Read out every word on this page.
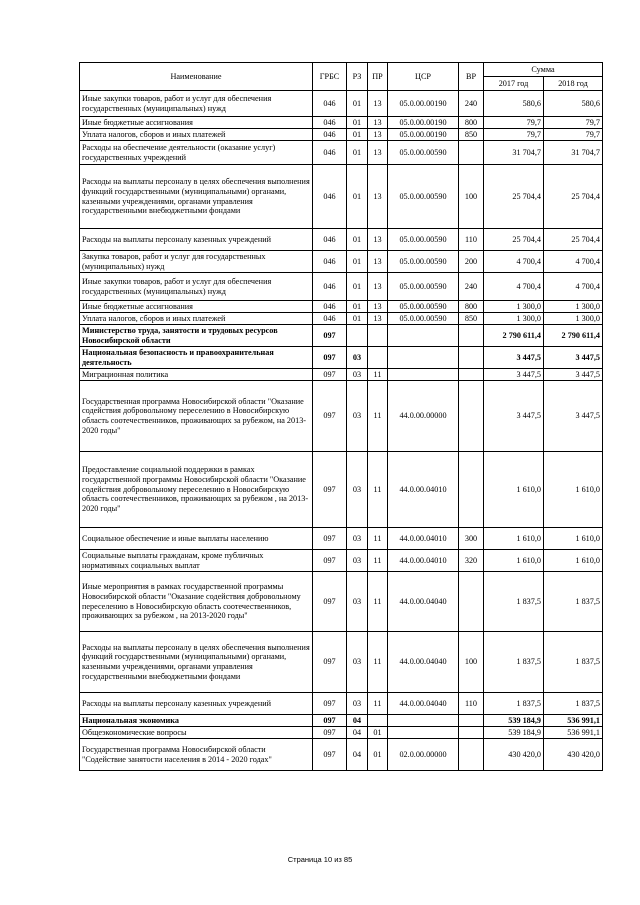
Наименование	ГРБС	РЗ	ПР	ЦСР	ВР	Сумма	
						2017 год	2018 год
Иные закупки товаров, работ и услуг для обеспечения государственных (муниципальных) нужд	046	01	13	05.0.00.00190	240	580,6	580,6
Иные бюджетные ассигнования	046	01	13	05.0.00.00190	800	79,7	79,7
Уплата налогов, сборов и иных платежей	046	01	13	05.0.00.00190	850	79,7	79,7
Расходы на обеспечение деятельности (оказание услуг) государственных учреждений	046	01	13	05.0.00.00590		31 704,7	31 704,7
Расходы на выплаты персоналу в целях обеспечения выполнения функций государственными (муниципальными) органами, казенными учреждениями, органами управления государственными внебюджетными фондами	046	01	13	05.0.00.00590	100	25 704,4	25 704,4
Расходы на выплаты персоналу казенных учреждений	046	01	13	05.0.00.00590	110	25 704,4	25 704,4
Закупка товаров, работ и услуг для государственных (муниципальных) нужд	046	01	13	05.0.00.00590	200	4 700,4	4 700,4
Иные закупки товаров, работ и услуг для обеспечения государственных (муниципальных) нужд	046	01	13	05.0.00.00590	240	4 700,4	4 700,4
Иные бюджетные ассигнования	046	01	13	05.0.00.00590	800	1 300,0	1 300,0
Уплата налогов, сборов и иных платежей	046	01	13	05.0.00.00590	850	1 300,0	1 300,0
Министерство труда, занятости и трудовых ресурсов Новосибирской области	097					2 790 611,4	2 790 611,4
Национальная безопасность и правоохранительная деятельность	097	03				3 447,5	3 447,5
Миграционная политика	097	03	11			3 447,5	3 447,5
Государственная программа Новосибирской области "Оказание содействия добровольному переселению в Новосибирскую область соотечественников, проживающих за рубежом, на 2013-2020 годы"	097	03	11	44.0.00.00000		3 447,5	3 447,5
Предоставление социальной поддержки в рамках государственной программы Новосибирской области "Оказание содействия добровольному переселению в Новосибирскую область соотечественников, проживающих за рубежом , на 2013-2020 годы"	097	03	11	44.0.00.04010		1 610,0	1 610,0
Социальное обеспечение и иные выплаты населению	097	03	11	44.0.00.04010	300	1 610,0	1 610,0
Социальные выплаты гражданам, кроме публичных нормативных социальных выплат	097	03	11	44.0.00.04010	320	1 610,0	1 610,0
Иные мероприятия в рамках государственной программы Новосибирской области "Оказание содействия добровольному переселению в Новосибирскую область соотечественников, проживающих за рубежом , на 2013-2020 годы"	097	03	11	44.0.00.04040		1 837,5	1 837,5
Расходы на выплаты персоналу в целях обеспечения выполнения функций государственными (муниципальными) органами, казенными учреждениями, органами управления государственными внебюджетными фондами	097	03	11	44.0.00.04040	100	1 837,5	1 837,5
Расходы на выплаты персоналу казенных учреждений	097	03	11	44.0.00.04040	110	1 837,5	1 837,5
Национальная экономика	097	04				539 184,9	536 991,1
Общеэкономические вопросы	097	04	01			539 184,9	536 991,1
Государственная программа Новосибирской области "Содействие занятости населения в 2014 - 2020 годах"	097	04	01	02.0.00.00000		430 420,0	430 420,0
Страница 10 из 85
